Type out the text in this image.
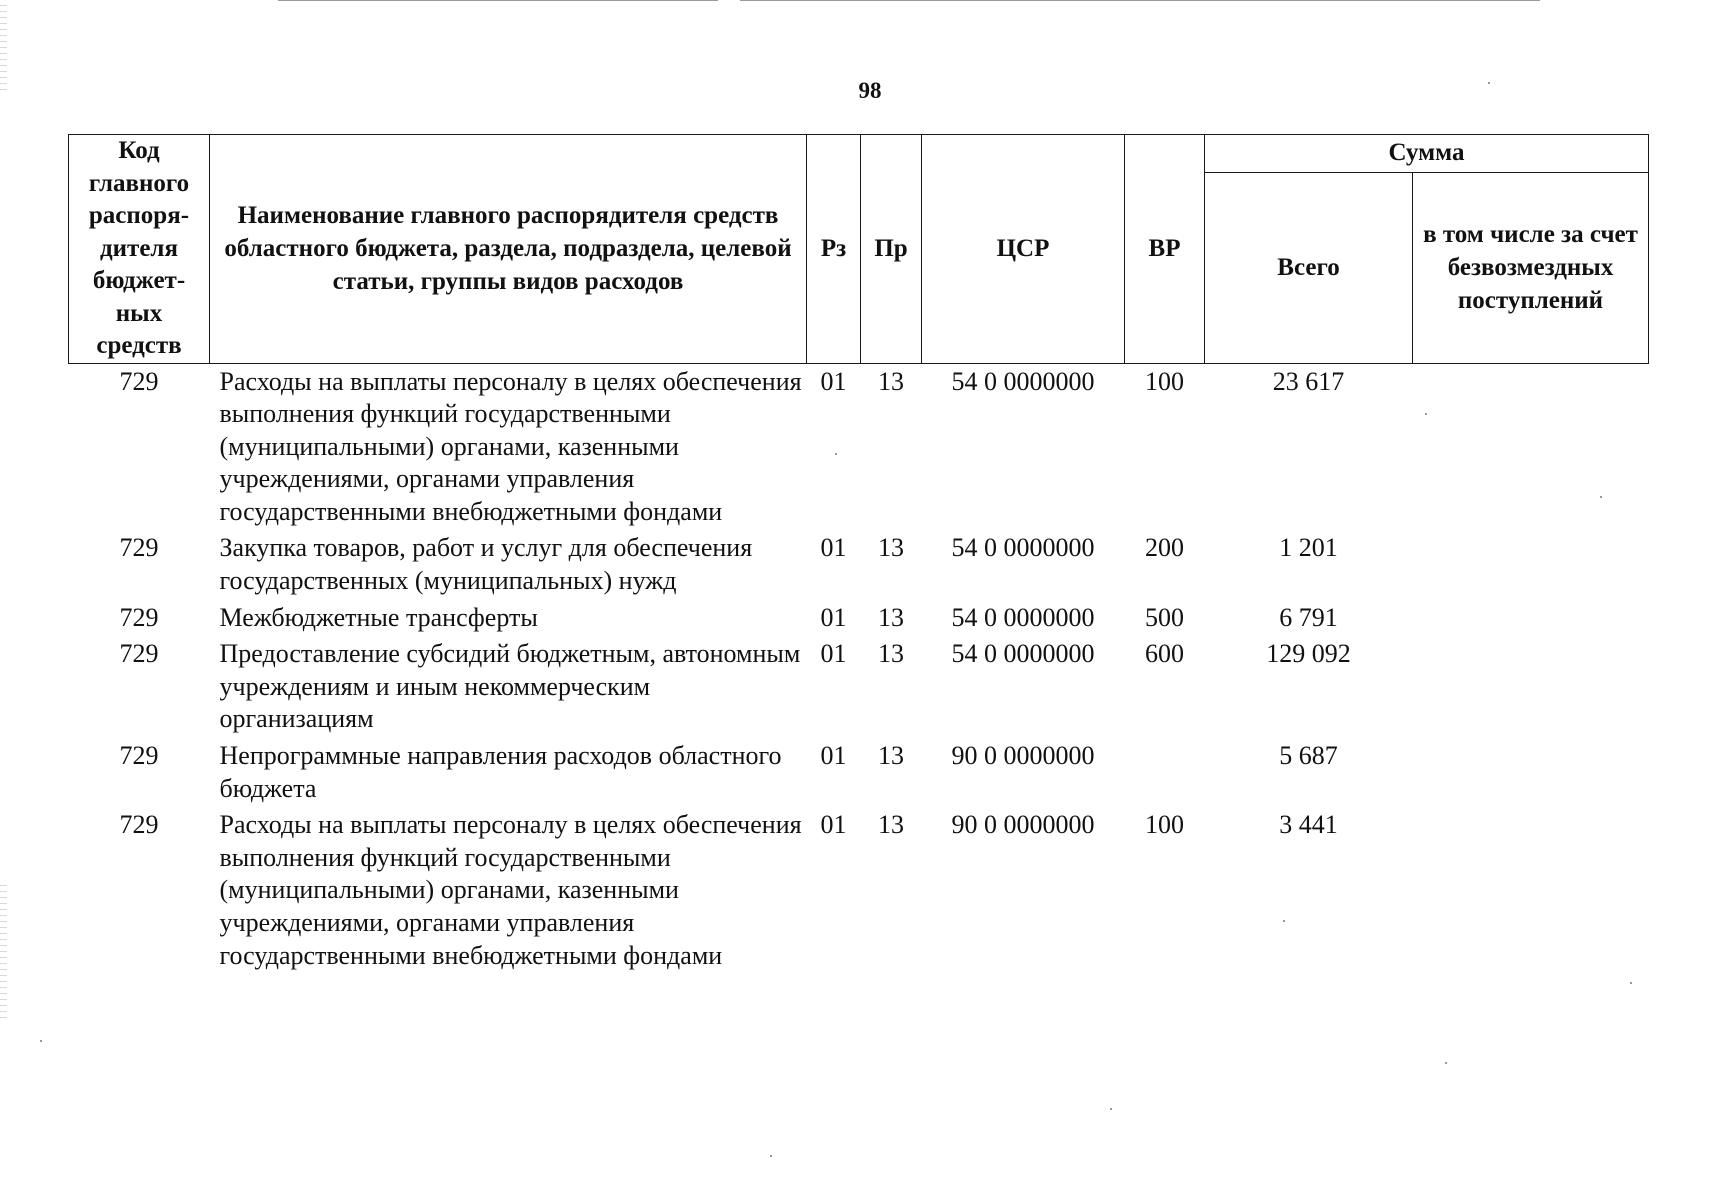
98
Код главного распоря-дителя бюджет-ных средств	Наименование главного распорядителя средств областного бюджета, раздела, подраздела, целевой статьи, группы видов расходов	Рз	Пр	ЦСР	ВР	Сумма	
						Всего	в том числе за счет безвозмездных поступлений
729	Расходы на выплаты персоналу в целях обеспечения выполнения функций государственными (муниципальными) органами, казенными учреждениями, органами управления государственными внебюджетными фондами	01	13	54 0 0000000	100	23 617	
729	Закупка товаров, работ и услуг для обеспечения государственных (муниципальных) нужд	01	13	54 0 0000000	200	1 201	
729	Межбюджетные трансферты	01	13	54 0 0000000	500	6 791	
729	Предоставление субсидий бюджетным, автономным учреждениям и иным некоммерческим организациям	01	13	54 0 0000000	600	129 092	
729	Непрограммные направления расходов областного бюджета	01	13	90 0 0000000		5 687	
729	Расходы на выплаты персоналу в целях обеспечения выполнения функций государственными (муниципальными) органами, казенными учреждениями, органами управления государственными внебюджетными фондами	01	13	90 0 0000000	100	3 441	
